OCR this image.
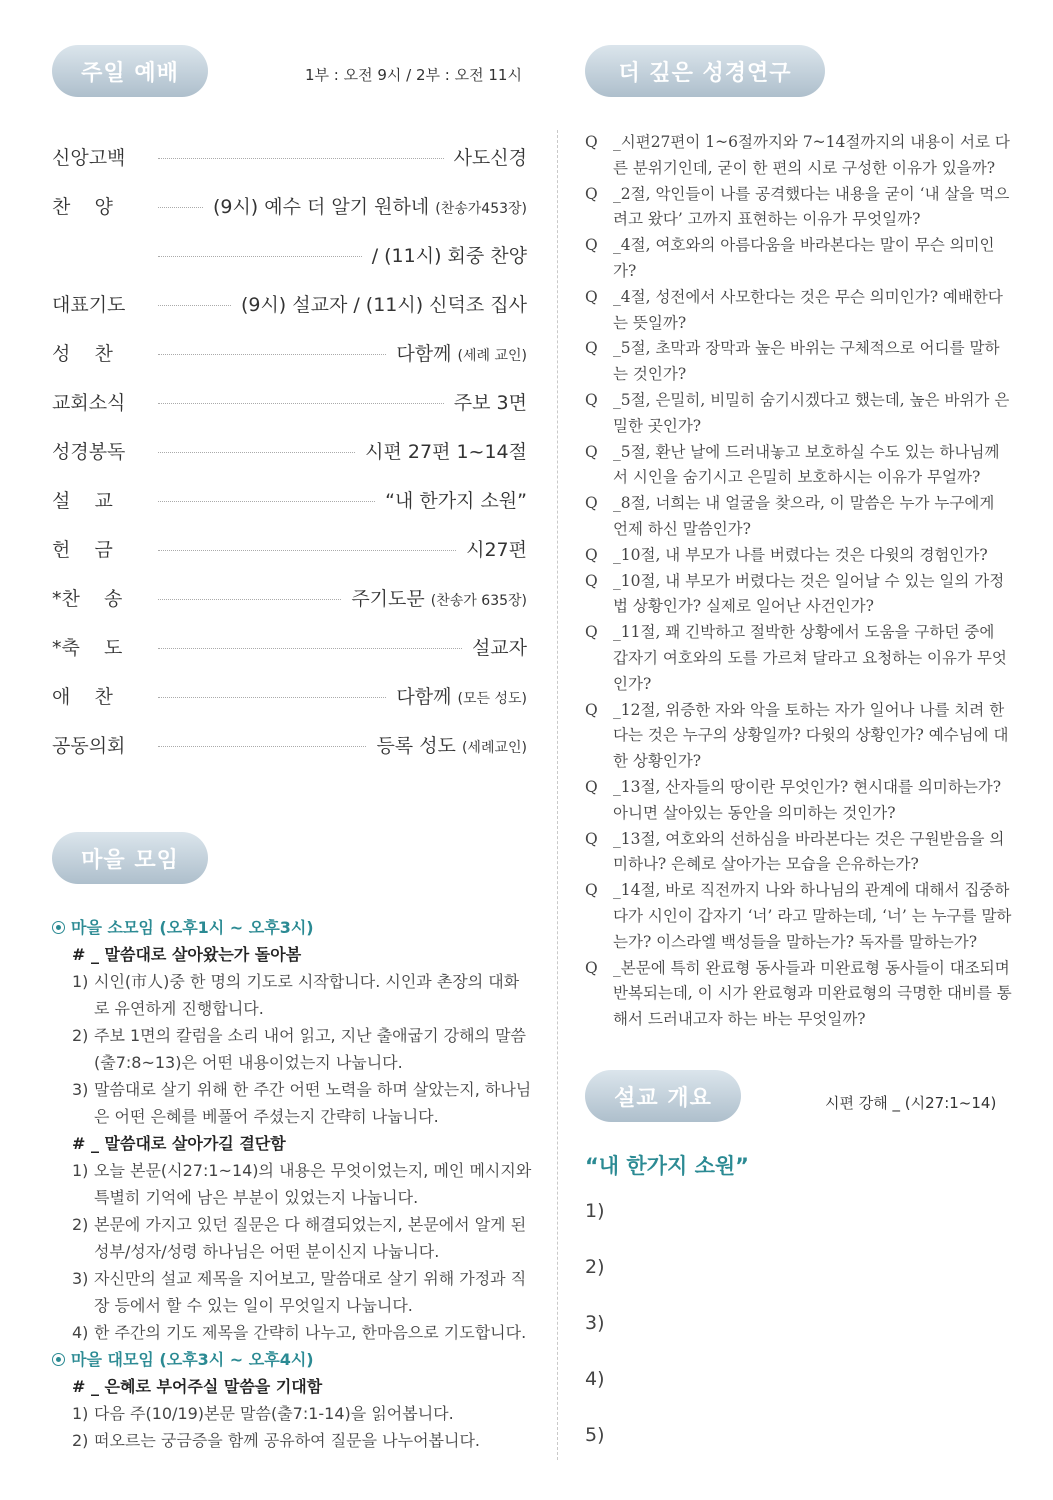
주일 예배	1부 : 오전 9시 / 2부 : 오전 11시
신앙고백	사도신경
찬    양	(9시) 예수 더 알기 원하네 (찬송가453장)
/ (11시) 회중 찬양
대표기도	(9시) 설교자 / (11시) 신덕조 집사
성    찬	다함께 (세례 교인)
교회소식	주보 3면
성경봉독	시편 27편 1~14절
설    교	“내 한가지 소원”
헌    금	시27편
*찬    송	주기도문 (찬송가 635장)
*축    도	설교자
애    찬	다함께 (모든 성도)
공동의회	등록 성도 (세례교인)
마을 모임
마을 소모임 (오후1시 ~ 오후3시)
# _ 말씀대로 살아왔는가 돌아봄
1) 시인(市人)중 한 명의 기도로 시작합니다. 시인과 촌장의 대화로 유연하게 진행합니다.
2) 주보 1면의 칼럼을 소리 내어 읽고, 지난 출애굽기 강해의 말씀(출7:8~13)은 어떤 내용이었는지 나눕니다.
3) 말씀대로 살기 위해 한 주간 어떤 노력을 하며 살았는지, 하나님은 어떤 은혜를 베풀어 주셨는지 간략히 나눕니다.
# _ 말씀대로 살아가길 결단함
1) 오늘 본문(시27:1~14)의 내용은 무엇이었는지, 메인 메시지와 특별히 기억에 남은 부분이 있었는지 나눕니다.
2) 본문에 가지고 있던 질문은 다 해결되었는지, 본문에서 알게 된 성부/성자/성령 하나님은 어떤 분이신지 나눕니다.
3) 자신만의 설교 제목을 지어보고, 말씀대로 살기 위해 가정과 직장 등에서 할 수 있는 일이 무엇일지 나눕니다.
4) 한 주간의 기도 제목을 간략히 나누고, 한마음으로 기도합니다.
마을 대모임 (오후3시 ~ 오후4시)
# _ 은혜로 부어주실 말씀을 기대함
1) 다음 주(10/19)본문 말씀(출7:1-14)을 읽어봅니다.
2) 떠오르는 궁금증을 함께 공유하여 질문을 나누어봅니다.
더 깊은 성경연구
Q _시편27편이 1~6절까지와 7~14절까지의 내용이 서로 다른 분위기인데, 굳이 한 편의 시로 구성한 이유가 있을까?
Q _2절, 악인들이 나를 공격했다는 내용을 굳이 ‘내 살을 먹으려고 왔다’ 고까지 표현하는 이유가 무엇일까?
Q _4절, 여호와의 아름다움을 바라본다는 말이 무슨 의미인가?
Q _4절, 성전에서 사모한다는 것은 무슨 의미인가? 예배한다는 뜻일까?
Q _5절, 초막과 장막과 높은 바위는 구체적으로 어디를 말하는 것인가?
Q _5절, 은밀히, 비밀히 숨기시겠다고 했는데, 높은 바위가 은밀한 곳인가?
Q _5절, 환난 날에 드러내놓고 보호하실 수도 있는 하나님께서 시인을 숨기시고 은밀히 보호하시는 이유가 무얼까?
Q _8절, 너희는 내 얼굴을 찾으라, 이 말씀은 누가 누구에게 언제 하신 말씀인가?
Q _10절, 내 부모가 나를 버렸다는 것은 다윗의 경험인가?
Q _10절, 내 부모가 버렸다는 것은 일어날 수 있는 일의 가정법 상황인가? 실제로 일어난 사건인가?
Q _11절, 꽤 긴박하고 절박한 상황에서 도움을 구하던 중에 갑자기 여호와의 도를 가르쳐 달라고 요청하는 이유가 무엇인가?
Q _12절, 위증한 자와 악을 토하는 자가 일어나 나를 치려 한다는 것은 누구의 상황일까? 다윗의 상황인가? 예수님에 대한 상황인가?
Q _13절, 산자들의 땅이란 무엇인가? 현시대를 의미하는가? 아니면 살아있는 동안을 의미하는 것인가?
Q _13절, 여호와의 선하심을 바라본다는 것은 구원받음을 의미하나? 은혜로 살아가는 모습을 은유하는가?
Q _14절, 바로 직전까지 나와 하나님의 관계에 대해서 집중하다가 시인이 갑자기 ‘너’ 라고 말하는데, ‘너’ 는 누구를 말하는가? 이스라엘 백성들을 말하는가? 독자를 말하는가?
Q _본문에 특히 완료형 동사들과 미완료형 동사들이 대조되며 반복되는데, 이 시가 완료형과 미완료형의 극명한 대비를 통해서 드러내고자 하는 바는 무엇일까?
설교 개요	시편 강해 _ (시27:1~14)
“내 한가지 소원”
1)
2)
3)
4)
5)
